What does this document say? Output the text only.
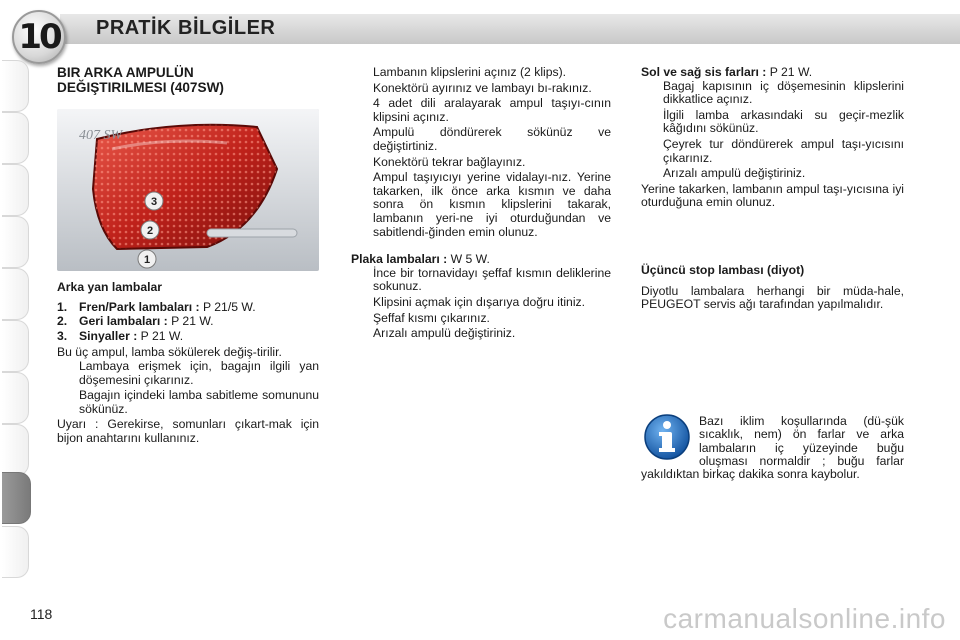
10 PRATİK BİLGİLER

BIR ARKA AMPULÜN
DEĞIŞTIRILMESI (407SW)

3
2
1
407 SW

Arka yan lambalar

1. Fren/Park lambaları : P 21/5 W.
2. Geri lambaları : P 21 W.
3. Sinyaller : P 21 W.

Bu üç ampul, lamba sökülerek değiş-tirilir.

Lambaya erişmek için, bagajın ilgili yan döşemesini çıkarınız.
Bagajın içindeki lamba sabitleme somununu sökünüz.

Uyarı : Gerekirse, somunları çıkart-mak için bijon anahtarını kullanınız.

Lambanın klipslerini açınız (2 klips).
Konektörü ayırınız ve lambayı bı-rakınız.
4 adet dili aralayarak ampul taşıyı-cının klipsini açınız.
Ampulü döndürerek sökünüz ve değiştirtiniz.
Konektörü tekrar bağlayınız.
Ampul taşıyıcıyı yerine vidalayı-nız. Yerine takarken, ilk önce arka kısmın ve daha sonra ön kısmın klipslerini takarak, lambanın yeri-ne iyi oturduğundan ve sabitlendi-ğinden emin olunuz.

Plaka lambaları : W 5 W.

İnce bir tornavidayı şeffaf kısmın deliklerine sokunuz.
Klipsini açmak için dışarıya doğru itiniz.
Şeffaf kısmı çıkarınız.
Arızalı ampulü değiştiriniz.

Sol ve sağ sis farları : P 21 W.

Bagaj kapısının iç döşemesinin klipslerini dikkatlice açınız.
İlgili lamba arkasındaki su geçir-mezlik kâğıdını sökünüz.
Çeyrek tur döndürerek ampul taşı-yıcısını çıkarınız.
Arızalı ampulü değiştiriniz.

Yerine takarken, lambanın ampul taşı-yıcısına iyi oturduğuna emin olunuz.

Üçüncü stop lambası (diyot)

Diyotlu lambalara herhangi bir müda-hale, PEUGEOT servis ağı tarafından yapılmalıdır.

Bazı iklim koşullarında (dü-şük sıcaklık, nem) ön farlar ve arka lambaların iç yüzeyinde buğu oluşması normaldir ; buğu farlar yakıldıktan birkaç dakika sonra kaybolur.

118	carmanualsonline.info
